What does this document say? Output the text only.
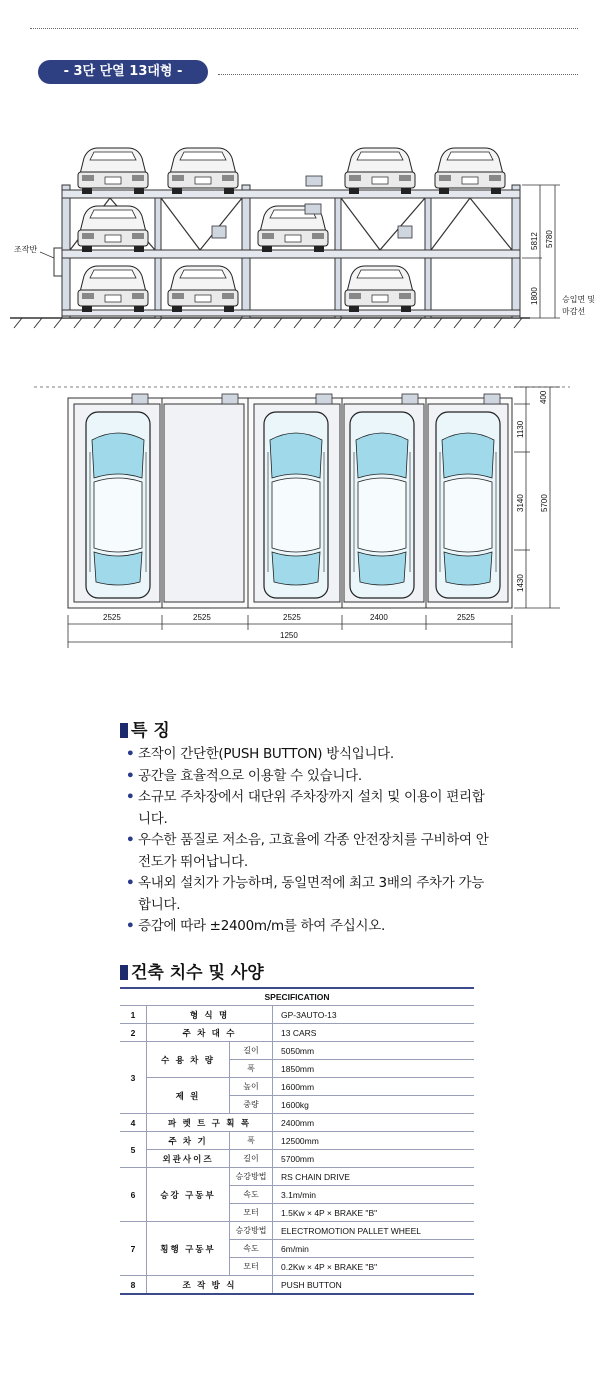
- 3단 단열 13대형 -
조작반	5812 5780
1800	승입면 및
마감선
2525	2525	2525	2400	2525
1250
400
1130
3140 5700
1430
특 징
• 조작이 간단한(PUSH BUTTON) 방식입니다.
• 공간을 효율적으로 이용할 수 있습니다.
• 소규모 주차장에서 대단위 주차장까지 설치 및 이용이 편리합니다.
• 우수한 품질로 저소음, 고효율에 각종 안전장치를 구비하여 안전도가 뛰어납니다.
• 옥내외 설치가 가능하며, 동일면적에 최고 3배의 주차가 가능합니다.
• 증감에 따라 ±2400m/m를 하여 주십시오.
건축 치수 및 사양
SPECIFICATION			
1	형 식 명		GP-3AUTO-13
2	주 차 대 수		13 CARS
3	수 용 차 량	길이	5050mm
		폭	1850mm
	제 원	높이	1600mm
		중량	1600kg
4	파 렛 트 구 획 폭		2400mm
5	주 차 기	폭	12500mm
	외관사이즈	길이	5700mm
6	승강 구동부	승강방법	RS CHAIN DRIVE
		속도	3.1m/min
		모터	1.5Kw × 4P × BRAKE "B"
7	횡행 구동부	승강방법	ELECTROMOTION PALLET WHEEL
		속도	6m/min
		모터	0.2Kw × 4P × BRAKE "B"
8	조 작 방 식		PUSH BUTTON
